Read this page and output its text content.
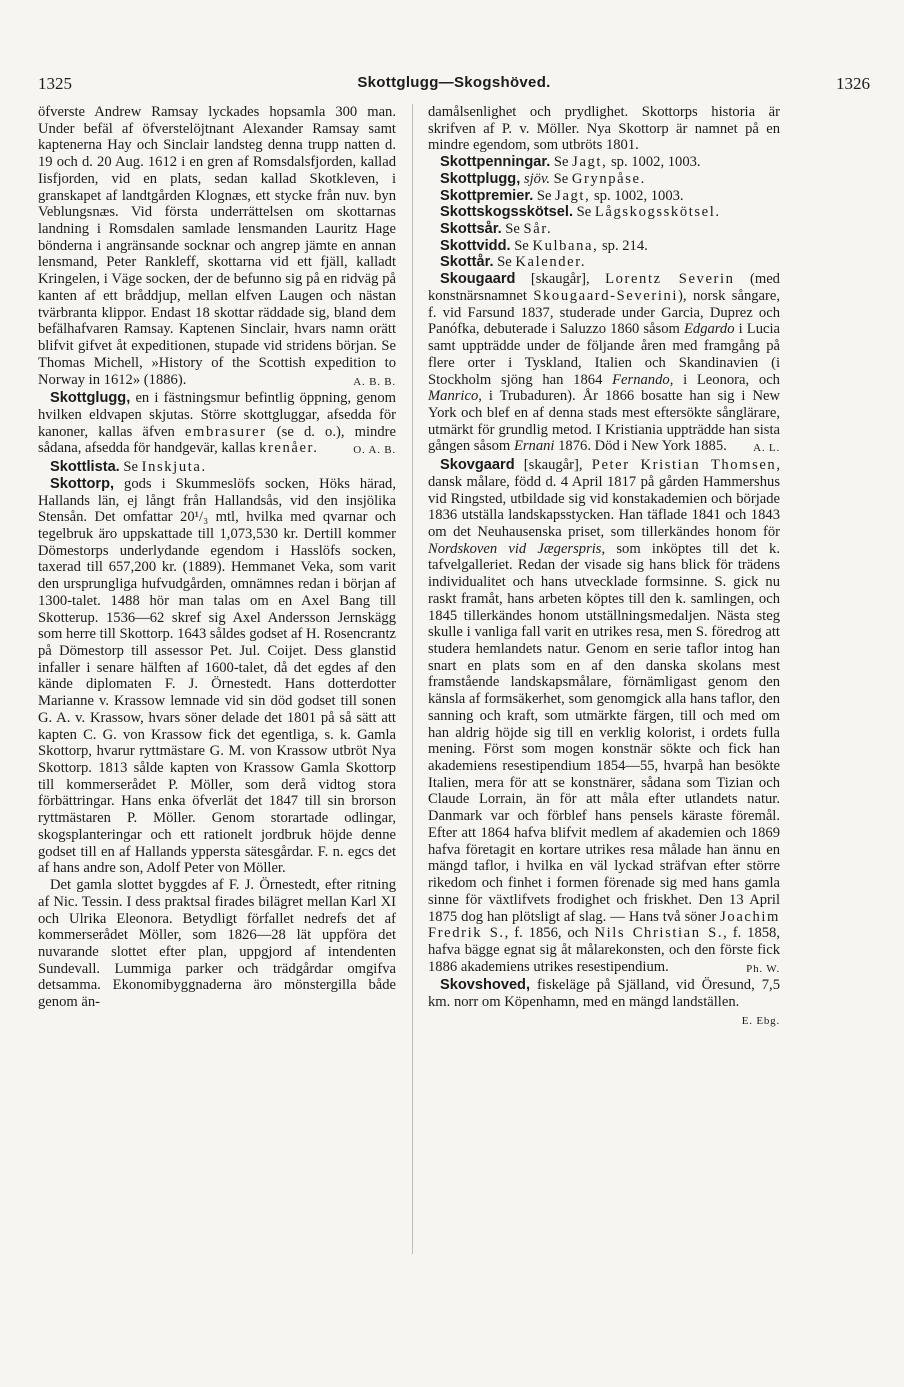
1325	Skottglugg—Skogshöved.	1326

öfverste Andrew Ramsay lyckades hopsamla 300 man. Under befäl af öfverstelöjtnant Alexander Ramsay samt kaptenerna Hay och Sinclair landsteg denna trupp natten d. 19 och d. 20 Aug. 1612 i en gren af Romsdalsfjorden, kallad Iisfjorden, vid en plats, sedan kallad Skotkleven, i granskapet af landtgården Klognæs, ett stycke från nuv. byn Veblungsnæs. Vid första underrättelsen om skottarnas landning i Romsdalen samlade lensmanden Lauritz Hage bönderna i angränsande socknar och angrep jämte en annan lensmand, Peter Rankleff, skottarna vid ett fjäll, kalladt Kringelen, i Väge socken, der de befunno sig på en ridväg på kanten af ett bråddjup, mellan elfven Laugen och nästan tvärbranta klippor. Endast 18 skottar räddade sig, bland dem befälhafvaren Ramsay. Kaptenen Sinclair, hvars namn orätt blifvit gifvet åt expeditionen, stupade vid stridens början. Se Thomas Michell, »History of the Scottish expedition to Norway in 1612» (1886).	A. B. B.

Skottglugg, en i fästningsmur befintlig öppning, genom hvilken eldvapen skjutas. Större skottgluggar, afsedda för kanoner, kallas äfven embrasurer (se d. o.), mindre sådana, afsedda för handgevär, kallas krenåer.	O. A. B.

Skottlista. Se Inskjuta.

Skottorp, gods i Skummeslöfs socken, Höks härad, Hallands län, ej långt från Hallandsås, vid den insjölika Stensån. Det omfattar 20¹/₃ mtl, hvilka med qvarnar och tegelbruk äro uppskattade till 1,073,530 kr. Dertill kommer Dömestorps underlydande egendom i Hasslöfs socken, taxerad till 657,200 kr. (1889). Hemmanet Veka, som varit den ursprungliga hufvudgården, omnämnes redan i början af 1300-talet. 1488 hör man talas om en Axel Bang till Skotterup. 1536—62 skref sig Axel Andersson Jernskägg som herre till Skottorp. 1643 såldes godset af H. Rosencrantz på Dömestorp till assessor Pet. Jul. Coijet. Dess glanstid infaller i senare hälften af 1600-talet, då det egdes af den kände diplomaten F. J. Örnestedt. Hans dotterdotter Marianne v. Krassow lemnade vid sin död godset till sonen G. A. v. Krassow, hvars söner delade det 1801 på så sätt att kapten C. G. von Krassow fick det egentliga, s. k. Gamla Skottorp, hvarur ryttmästare G. M. von Krassow utbröt Nya Skottorp. 1813 sålde kapten von Krassow Gamla Skottorp till kommerserådet P. Möller, som derå vidtog stora förbättringar. Hans enka öfverlät det 1847 till sin brorson ryttmästaren P. Möller. Genom storartade odlingar, skogsplanteringar och ett rationelt jordbruk höjde denne godset till en af Hallands yppersta sätesgårdar. F. n. egcs det af hans andre son, Adolf Peter von Möller.

Det gamla slottet byggdes af F. J. Örnestedt, efter ritning af Nic. Tessin. I dess praktsal firades bilägret mellan Karl XI och Ulrika Eleonora. Betydligt förfallet nedrefs det af kommerserådet Möller, som 1826—28 lät uppföra det nuvarande slottet efter plan, uppgjord af intendenten Sundevall. Lummiga parker och trädgårdar omgifva detsamma. Ekonomibyggnaderna äro mönstergilla både genom än-

damålsenlighet och prydlighet. Skottorps historia är skrifven af P. v. Möller. Nya Skottorp är namnet på en mindre egendom, som utbröts 1801.

Skottpenningar. Se Jagt, sp. 1002, 1003.

Skottplugg, sjöv. Se Grynpåse.

Skottpremier. Se Jagt, sp. 1002, 1003.

Skottskogsskötsel. Se Lågskogsskötsel.

Skottsår. Se Sår.

Skottvidd. Se Kulbana, sp. 214.

Skottår. Se Kalender.

Skougaard [skaugår], Lorentz Severin (med konstnärsnamnet Skougaard-Severini), norsk sångare, f. vid Farsund 1837, studerade under Garcia, Duprez och Panófka, debuterade i Saluzzo 1860 såsom Edgardo i Lucia samt uppträdde under de följande åren med framgång på flere orter i Tyskland, Italien och Skandinavien (i Stockholm sjöng han 1864 Fernando, i Leonora, och Manrico, i Trubaduren). År 1866 bosatte han sig i New York och blef en af denna stads mest eftersökte sånglärare, utmärkt för grundlig metod. I Kristiania uppträdde han sista gången såsom Ernani 1876. Död i New York 1885.	A. L.

Skovgaard [skaugår], Peter Kristian Thomsen, dansk målare, född d. 4 April 1817 på gården Hammershus vid Ringsted, utbildade sig vid konstakademien och började 1836 utställa landskapsstycken. Han täflade 1841 och 1843 om det Neuhausenska priset, som tillerkändes honom för Nordskoven vid Jægerspris, som inköptes till det k. tafvelgalleriet. Redan der visade sig hans blick för trädens individualitet och hans utvecklade formsinne. S. gick nu raskt framåt, hans arbeten köptes till den k. samlingen, och 1845 tillerkändes honom utställningsmedaljen. Nästa steg skulle i vanliga fall varit en utrikes resa, men S. föredrog att studera hemlandets natur. Genom en serie taflor intog han snart en plats som en af den danska skolans mest framstående landskapsmålare, förnämligast genom den känsla af formsäkerhet, som genomgick alla hans taflor, den sanning och kraft, som utmärkte färgen, till och med om han aldrig höjde sig till en verklig kolorist, i ordets fulla mening. Först som mogen konstnär sökte och fick han akademiens resestipendium 1854—55, hvarpå han besökte Italien, mera för att se konstnärer, sådana som Tizian och Claude Lorrain, än för att måla efter utlandets natur. Danmark var och förblef hans pensels käraste föremål. Efter att 1864 hafva blifvit medlem af akademien och 1869 hafva företagit en kortare utrikes resa målade han ännu en mängd taflor, i hvilka en väl lyckad sträfvan efter större rikedom och finhet i formen förenade sig med hans gamla sinne för växtlifvets frodighet och friskhet. Den 13 April 1875 dog han plötsligt af slag. — Hans två söner Joachim Fredrik S., f. 1856, och Nils Christian S., f. 1858, hafva bägge egnat sig åt målarekonsten, och den förste fick 1886 akademiens utrikes resestipendium.	Ph. W.

Skovshoved, fiskeläge på Själland, vid Öresund, 7,5 km. norr om Köpenhamn, med en mängd landställen.
E. Ebg.
